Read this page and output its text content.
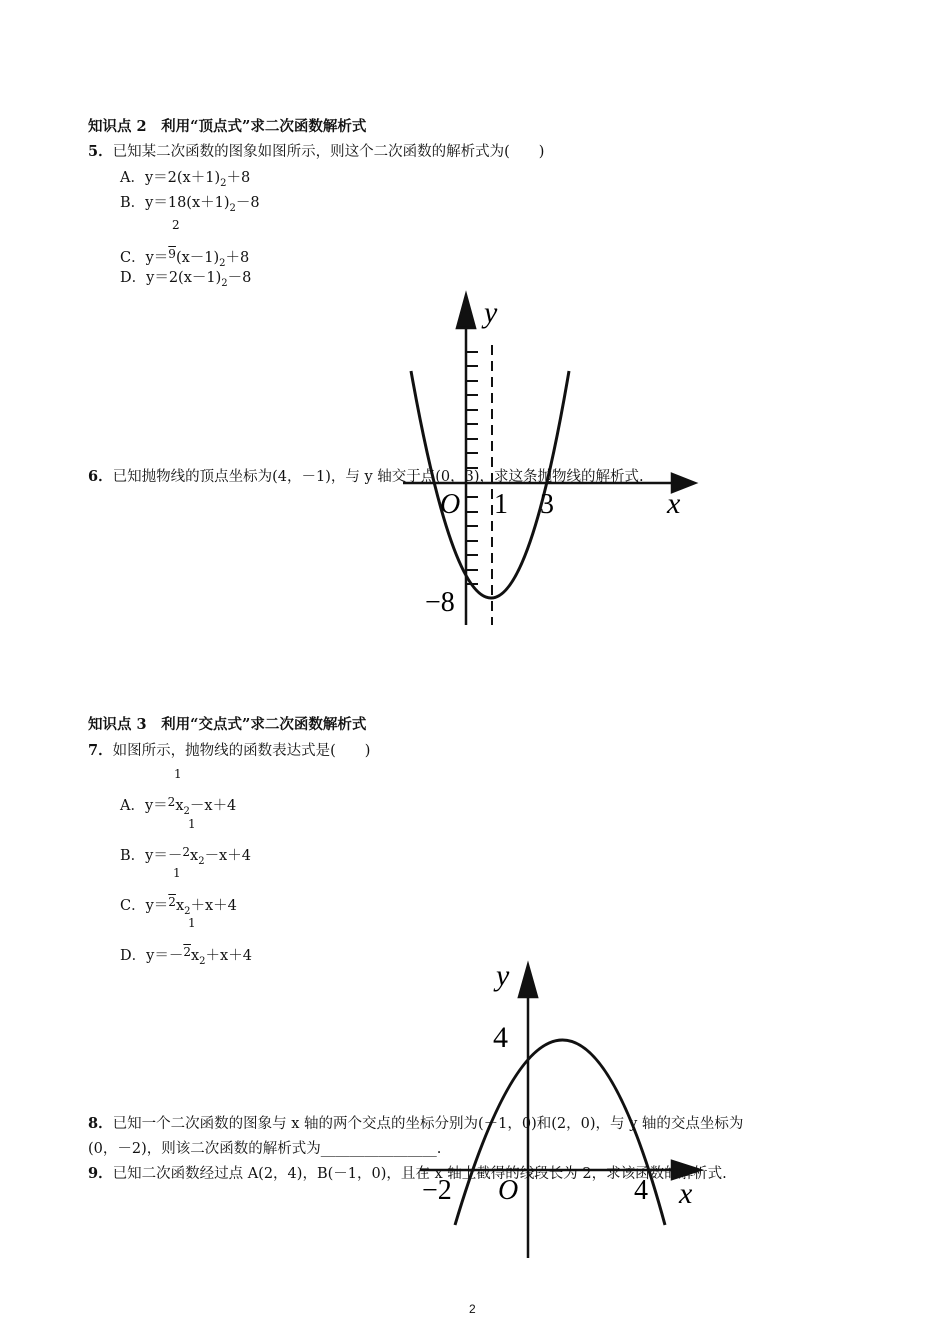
知识点 2　利用“顶点式”求二次函数解析式
5．已知某二次函数的图象如图所示，则这个二次函数的解析式为(　　)
A．$y=2(x+1)_2+8$
B．$y=18(x+1)_2-8$
2
C．$y=^9(x-1)_2+8$
D．$y=2(x-1)_2-8$
y
x
O 1 3
−8
6．已知抛物线的顶点坐标为(4，－1)，与 y 轴交于点(0，3)，求这条抛物线的解析式.
知识点 3　利用“交点式”求二次函数解析式
7．如图所示，抛物线的函数表达式是(　　)
1
A．$y=^2x_2-x+4$
1
B．$y=-^2x_2-x+4$
1
C．$y=^2x_2+x+4$
1
D．$y=-^2x_2+x+4$
y
x
4
−2 O	4
8．已知一个二次函数的图象与 x 轴的两个交点的坐标分别为(－1，0)和(2，0)，与 y 轴的交点坐标为
(0，－2)，则该二次函数的解析式为________________.
9．已知二次函数经过点 A(2，4)，B(－1，0)，且在 x 轴上截得的线段长为 2，求该函数的解析式.
2
